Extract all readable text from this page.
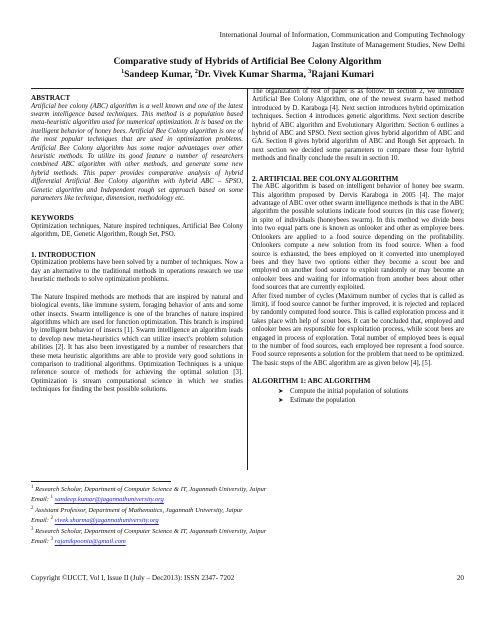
International Journal of Information, Communication and Computing Technology
Jagan Institute of Management Studies, New Delhi
Comparative study of Hybrids of Artificial Bee Colony Algorithm
$^1$Sandeep Kumar, $^2$Dr. Vivek Kumar Sharma, $^3$Rajani Kumari
ABSTRACT

Artificial bee colony (ABC) algorithm is a well known and one of the latest swarm intelligence based techniques. This method is a population based meta-heuristic algorithm used for numerical optimization. It is based on the intelligent behavior of honey bees. Artificial Bee Colony algorithm is one of the most popular techniques that are used in optimization problems. Artificial Bee Colony algorithm has some major advantages over other heuristic methods. To utilize its good feature a number of researchers combined ABC algorithm with other methods, and generate some new hybrid methods. This paper provides comparative analysis of hybrid differential Artificial Bee Colony algorithm with hybrid ABC – SPSO, Genetic algorithm and Independent rough set approach based on some parameters like technique, dimension, methodology etc.

KEYWORDS

Optimization techniques, Nature inspired techniques, Artificial Bee Colony algorithm, DE, Genetic Algorithm, Rough Set, PSO.

1. INTRODUCTION

Optimization problems have been solved by a number of techniques. Now a day an alternative to the traditional methods in operations research we use heuristic methods to solve optimization problems.

The Nature Inspired methods are methods that are inspired by natural and biological events, like immune system, foraging behavior of ants and some other insects. Swarm intelligence is one of the branches of nature inspired algorithms which are used for function optimization. This branch is inspired by intelligent behavior of insects [1]. Swarm intelligence an algorithm leads to develop new meta-heuristics which can utilize insect's problem solution abilities [2]. It has also been investigated by a number of researchers that these meta heuristic algorithms are able to provide very good solutions in comparison to traditional algorithms. Optimization Techniques is a unique reference source of methods for achieving the optimal solution [3]. Optimization is stream computational science in which we studies techniques for finding the best possible solutions.

The organization of rest of paper is as follow: In section 2, we introduce Artificial Bee Colony Algorithm, one of the newest swarm based method introduced by D. Karaboga [4]. Next section introduces hybrid optimization techniques. Section 4 introduces genetic algorithms. Next section describe hybrid of ABC algorithm and Evolutionary Algorithm. Section 6 outlines a hybrid of ABC and SPSO. Next section gives hybrid algorithm of ABC and GA. Section 8 gives hybrid algorithm of ABC and Rough Set approach. In next section we decided some parameters to compare these four hybrid methods and finally conclude the result in section 10.

2. ARTIFICIAL BEE COLONY ALGORITHM

The ABC algorithm is based on intelligent behavior of honey bee swarm. This algorithm proposed by Dervis Karaboga in 2005 [4]. The major advantage of ABC over other swarm intelligence methods is that in the ABC algorithm the possible solutions indicate food sources (in this case flower); in spite of individuals (honeybees swarm). In this method we divide bees into two equal parts one is known as onlooker and other as employee bees. Onlookers are applied to a food source depending on the profitability. Onlookers compute a new solution from its food source. When a food source is exhausted, the bees employed on it converted into unemployed bees and they have two options either they become a scout bee and employed on another food source to exploit randomly or may become an onlooker bees and waiting for information from another bees about other food sources that are currently exploited.

After fixed number of cycles (Maximum number of cycles that is called as limit), if food source cannot be further improved, it is rejected and replaced by randomly computed food source. This is called exploration process and it takes place with help of scout bees. It can be concluded that, employed and onlooker bees are responsible for exploitation process, while scout bees are engaged in process of exploration. Total number of employed bees is equal to the number of food sources, each employed bee represent a food source. Food source represents a solution for the problem that need to be optimized. The basic steps of the ABC algorithm are as given below [4], [5].

ALGORITHM 1: ABC ALGORITHM
➤ Compute the initial population of solutions
➤ Estimate the population
$^1$ Research Scholar, Department of Computer Science & IT, Jagannath University, Jaipur
Email: $^1$ sandeep.kumar@jagannathuniversity.org
$^2$ Assistant Professor, Department of Mathematics, Jagannath University, Jaipur
Email: $^2$ vivek.sharma@jagannathuniversity.org
$^3$ Research Scholar, Department of Computer Science & IT, Jagannath University, Jaipur
Email: $^3$ rajanikpoonia@gmail.com
Copyright ©IJCCT, Vol I, Issue II (July – Dec2013): ISSN 2347- 7202	20
